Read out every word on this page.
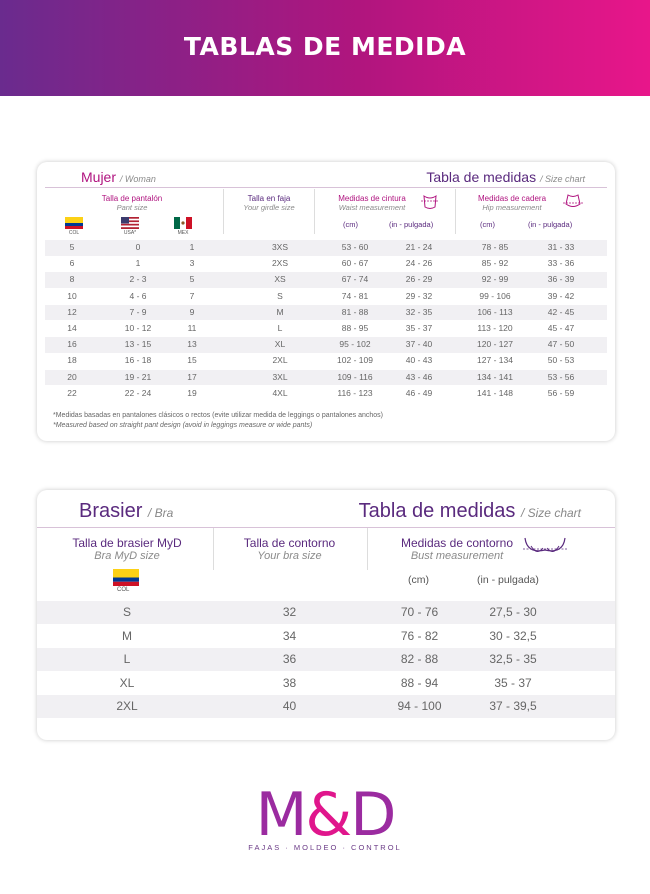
TABLAS DE MEDIDA
Mujer / Woman	Tabla de medidas / Size chart
Talla de pantalón
Pant size
Talla en faja
Your girdle size
Medidas de cintura
Waist measurement
Medidas de cadera
Hip measurement
(cm)	(in - pulgada)	(cm)	(in - pulgada)
COL	USA*	MEX
5	0	1	3XS	53 - 60	21 - 24	78 - 85	31 - 33
6	1	3	2XS	60 - 67	24 - 26	85 - 92	33 - 36
8	2 - 3	5	XS	67 - 74	26 - 29	92 - 99	36 - 39
10	4 - 6	7	S	74 - 81	29 - 32	99 - 106	39 - 42
12	7 - 9	9	M	81 - 88	32 - 35	106 - 113	42 - 45
14	10 - 12	11	L	88 - 95	35 - 37	113 - 120	45 - 47
16	13 - 15	13	XL	95 - 102	37 - 40	120 - 127	47 - 50
18	16 - 18	15	2XL	102 - 109	40 - 43	127 - 134	50 - 53
20	19 - 21	17	3XL	109 - 116	43 - 46	134 - 141	53 - 56
22	22 - 24	19	4XL	116 - 123	46 - 49	141 - 148	56 - 59
*Medidas basadas en pantalones clásicos o rectos (evite utilizar medida de leggings o pantalones anchos)
*Measured based on straight pant design (avoid in leggings measure or wide pants)
Brasier / Bra	Tabla de medidas / Size chart
Talla de brasier MyD
Bra MyD size
Talla de contorno
Your bra size
Medidas de contorno
Bust measurement
COL
(cm)	(in - pulgada)
S	32	70 - 76	27,5 - 30
M	34	76 - 82	30 - 32,5
L	36	82 - 88	32,5 - 35
XL	38	88 - 94	35 - 37
2XL	40	94 - 100	37 - 39,5
M&D
FAJAS · MOLDEO · CONTROL
